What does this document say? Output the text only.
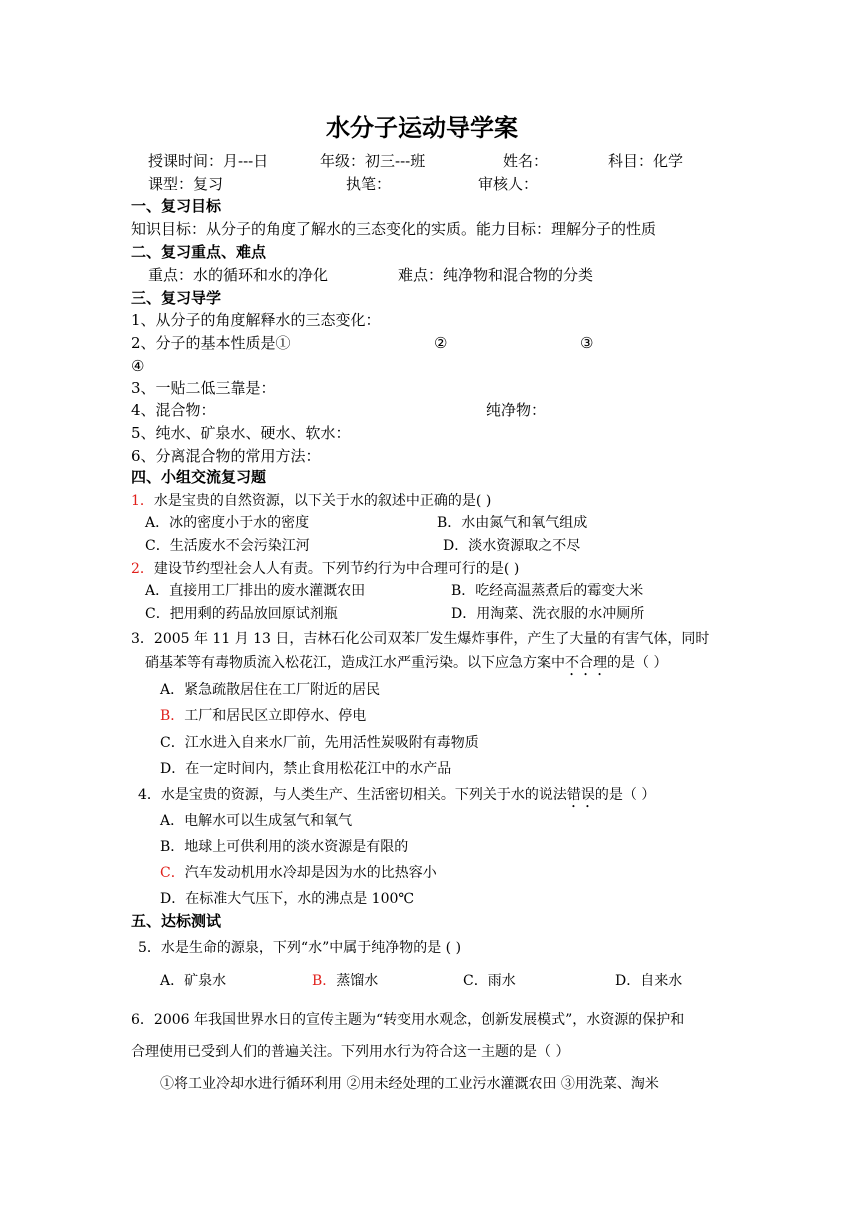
水分子运动导学案
授课时间：月---日	年级：初三---班	姓名：	科目：化学
课型：复习	执笔：	审核人：
一、复习目标
知识目标：从分子的角度了解水的三态变化的实质。能力目标：理解分子的性质
二、复习重点、难点
重点：水的循环和水的净化	难点：纯净物和混合物的分类
三、复习导学
1、从分子的角度解释水的三态变化：
2、分子的基本性质是①	②	③
④
3、一贴二低三靠是：
4、混合物：	纯净物：
5、纯水、矿泉水、硬水、软水：
6、分离混合物的常用方法：
四、小组交流复习题
1．水是宝贵的自然资源，以下关于水的叙述中正确的是( )
A．冰的密度小于水的密度	B．水由氮气和氧气组成
C．生活废水不会污染江河	D．淡水资源取之不尽
2．建设节约型社会人人有责。下列节约行为中合理可行的是( )
A．直接用工厂排出的废水灌溉农田	B．吃经高温蒸煮后的霉变大米
C．把用剩的药品放回原试剂瓶	D．用淘菜、洗衣服的水冲厕所
3．2005 年 11 月 13 日，吉林石化公司双苯厂发生爆炸事件，产生了大量的有害气体，同时
硝基苯等有毒物质流入松花江，造成江水严重污染。以下应急方案中不合理的是（ ）
A．紧急疏散居住在工厂附近的居民
B．工厂和居民区立即停水、停电
C．江水进入自来水厂前，先用活性炭吸附有毒物质
D．在一定时间内，禁止食用松花江中的水产品
4．水是宝贵的资源，与人类生产、生活密切相关。下列关于水的说法错误的是（ ）
A．电解水可以生成氢气和氧气
B．地球上可供利用的淡水资源是有限的
C．汽车发动机用水冷却是因为水的比热容小
D．在标准大气压下，水的沸点是 100℃
五、达标测试
5．水是生命的源泉，下列“水”中属于纯净物的是 ( )
A．矿泉水	B．蒸馏水	C．雨水	D．自来水
6．2006 年我国世界水日的宣传主题为“转变用水观念，创新发展模式”，水资源的保护和
合理使用已受到人们的普遍关注。下列用水行为符合这一主题的是（ ）
①将工业冷却水进行循环利用 ②用未经处理的工业污水灌溉农田 ③用洗菜、淘米
